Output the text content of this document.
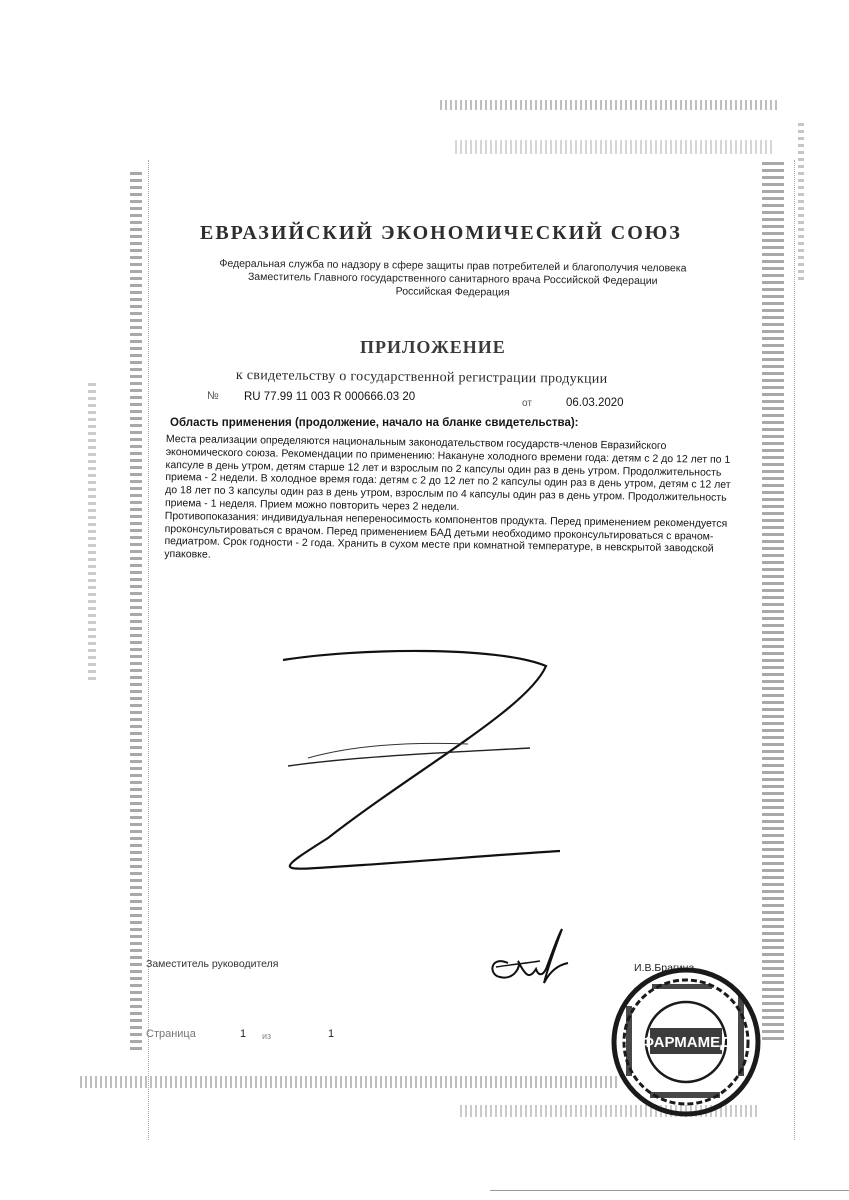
ЕВРАЗИЙСКИЙ ЭКОНОМИЧЕСКИЙ СОЮЗ
Федеральная служба по надзору в сфере защиты прав потребителей и благополучия человека
Заместитель Главного государственного санитарного врача Российской Федерации
Российская Федерация
ПРИЛОЖЕНИЕ
к свидетельству о государственной регистрации продукции
№ RU 77.99 11 003 R 000666.03 20
от	06.03.2020
Область применения (продолжение, начало на бланке свидетельства):

Места реализации определяются национальным законодательством государств-членов Евразийского экономического союза. Рекомендации по применению: Накануне холодного времени года: детям с 2 до 12 лет по 1 капсуле в день утром, детям старше 12 лет и взрослым по 2 капсулы один раз в день утром. Продолжительность приема - 2 недели. В холодное время года: детям с 2 до 12 лет по 2 капсулы один раз в день утром, детям с 12 лет до 18 лет по 3 капсулы один раз в день утром, взрослым по 4 капсулы один раз в день утром. Продолжительность приема - 1 неделя. Прием можно повторить через 2 недели.

Противопоказания: индивидуальная непереносимость компонентов продукта. Перед применением рекомендуется проконсультироваться с врачом. Перед применением БАД детьми необходимо проконсультироваться с врачом-педиатром. Срок годности - 2 года. Хранить в сухом месте при комнатной температуре, в невскрытой заводской упаковке.

Заместитель руководителя	И.В.Брагина
Страница	1 из	1	ФАРМАМЕД
